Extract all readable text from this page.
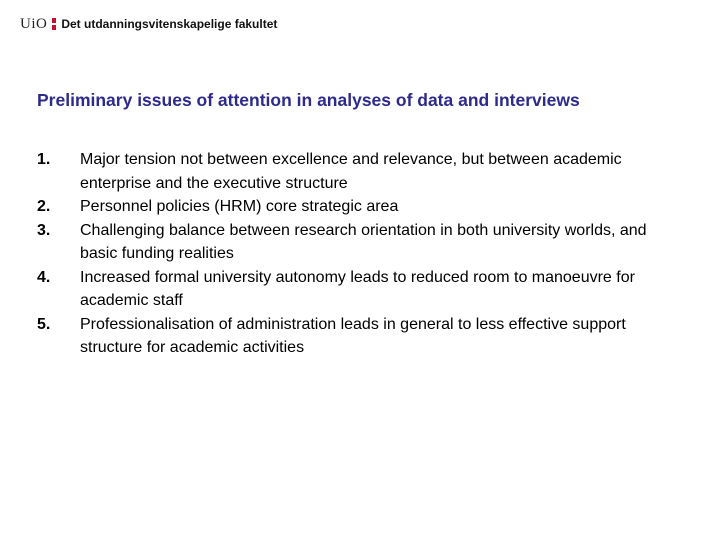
UiO Det utdanningsvitenskapelige fakultet
Preliminary issues of attention in analyses of data and interviews
1.	Major tension not between excellence and relevance, but between academic enterprise and the executive structure
2.	Personnel policies (HRM) core strategic area
3.	Challenging balance between research orientation in both university worlds, and basic funding realities
4.	Increased formal university autonomy leads to reduced room to manoeuvre for academic staff
5.	Professionalisation of administration leads in general to less effective support structure for academic activities
